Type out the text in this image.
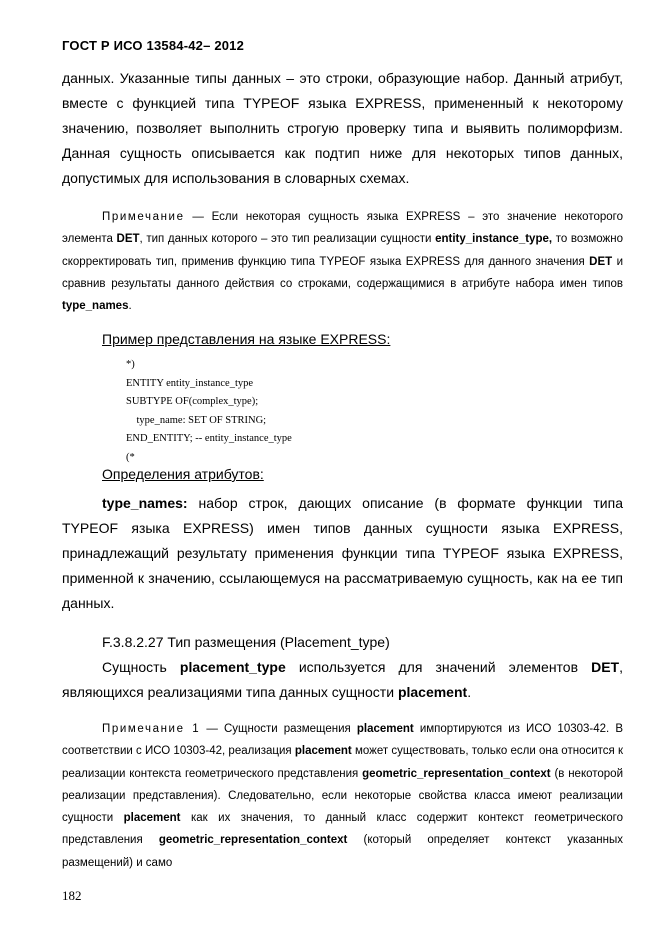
ГОСТ Р ИСО 13584-42– 2012
данных. Указанные типы данных – это строки, образующие набор. Данный атрибут, вместе с функцией типа TYPEOF языка EXPRESS, примененный к некоторому значению, позволяет выполнить строгую проверку типа и выявить полиморфизм. Данная сущность описывается как подтип ниже для некоторых типов данных, допустимых для использования в словарных схемах.
Примечание — Если некоторая сущность языка EXPRESS – это значение некоторого элемента DET, тип данных которого – это тип реализации сущности entity_instance_type, то возможно скорректировать тип, применив функцию типа TYPEOF языка EXPRESS для данного значения DET и сравнив результаты данного действия со строками, содержащимися в атрибуте набора имен типов type_names.
Пример представления на языке EXPRESS:
*)
ENTITY entity_instance_type
SUBTYPE OF(complex_type);
type_name: SET OF STRING;
END_ENTITY; -- entity_instance_type
(*
Определения атрибутов:
type_names: набор строк, дающих описание (в формате функции типа TYPEOF языка EXPRESS) имен типов данных сущности языка EXPRESS, принадлежащий результату применения функции типа TYPEOF языка EXPRESS, применной к значению, ссылающемуся на рассматриваемую сущность, как на ее тип данных.
F.3.8.2.27 Тип размещения (Placement_type)
Сущность placement_type используется для значений элементов DET, являющихся реализациями типа данных сущности placement.
Примечание 1 — Сущности размещения placement импортируются из ИСО 10303-42. В соответствии с ИСО 10303-42, реализация placement может существовать, только если она относится к реализации контекста геометрического представления geometric_representation_context (в некоторой реализации представления). Следовательно, если некоторые свойства класса имеют реализации сущности placement как их значения, то данный класс содержит контекст геометрического представления geometric_representation_context (который определяет контекст указанных размещений) и само
182
